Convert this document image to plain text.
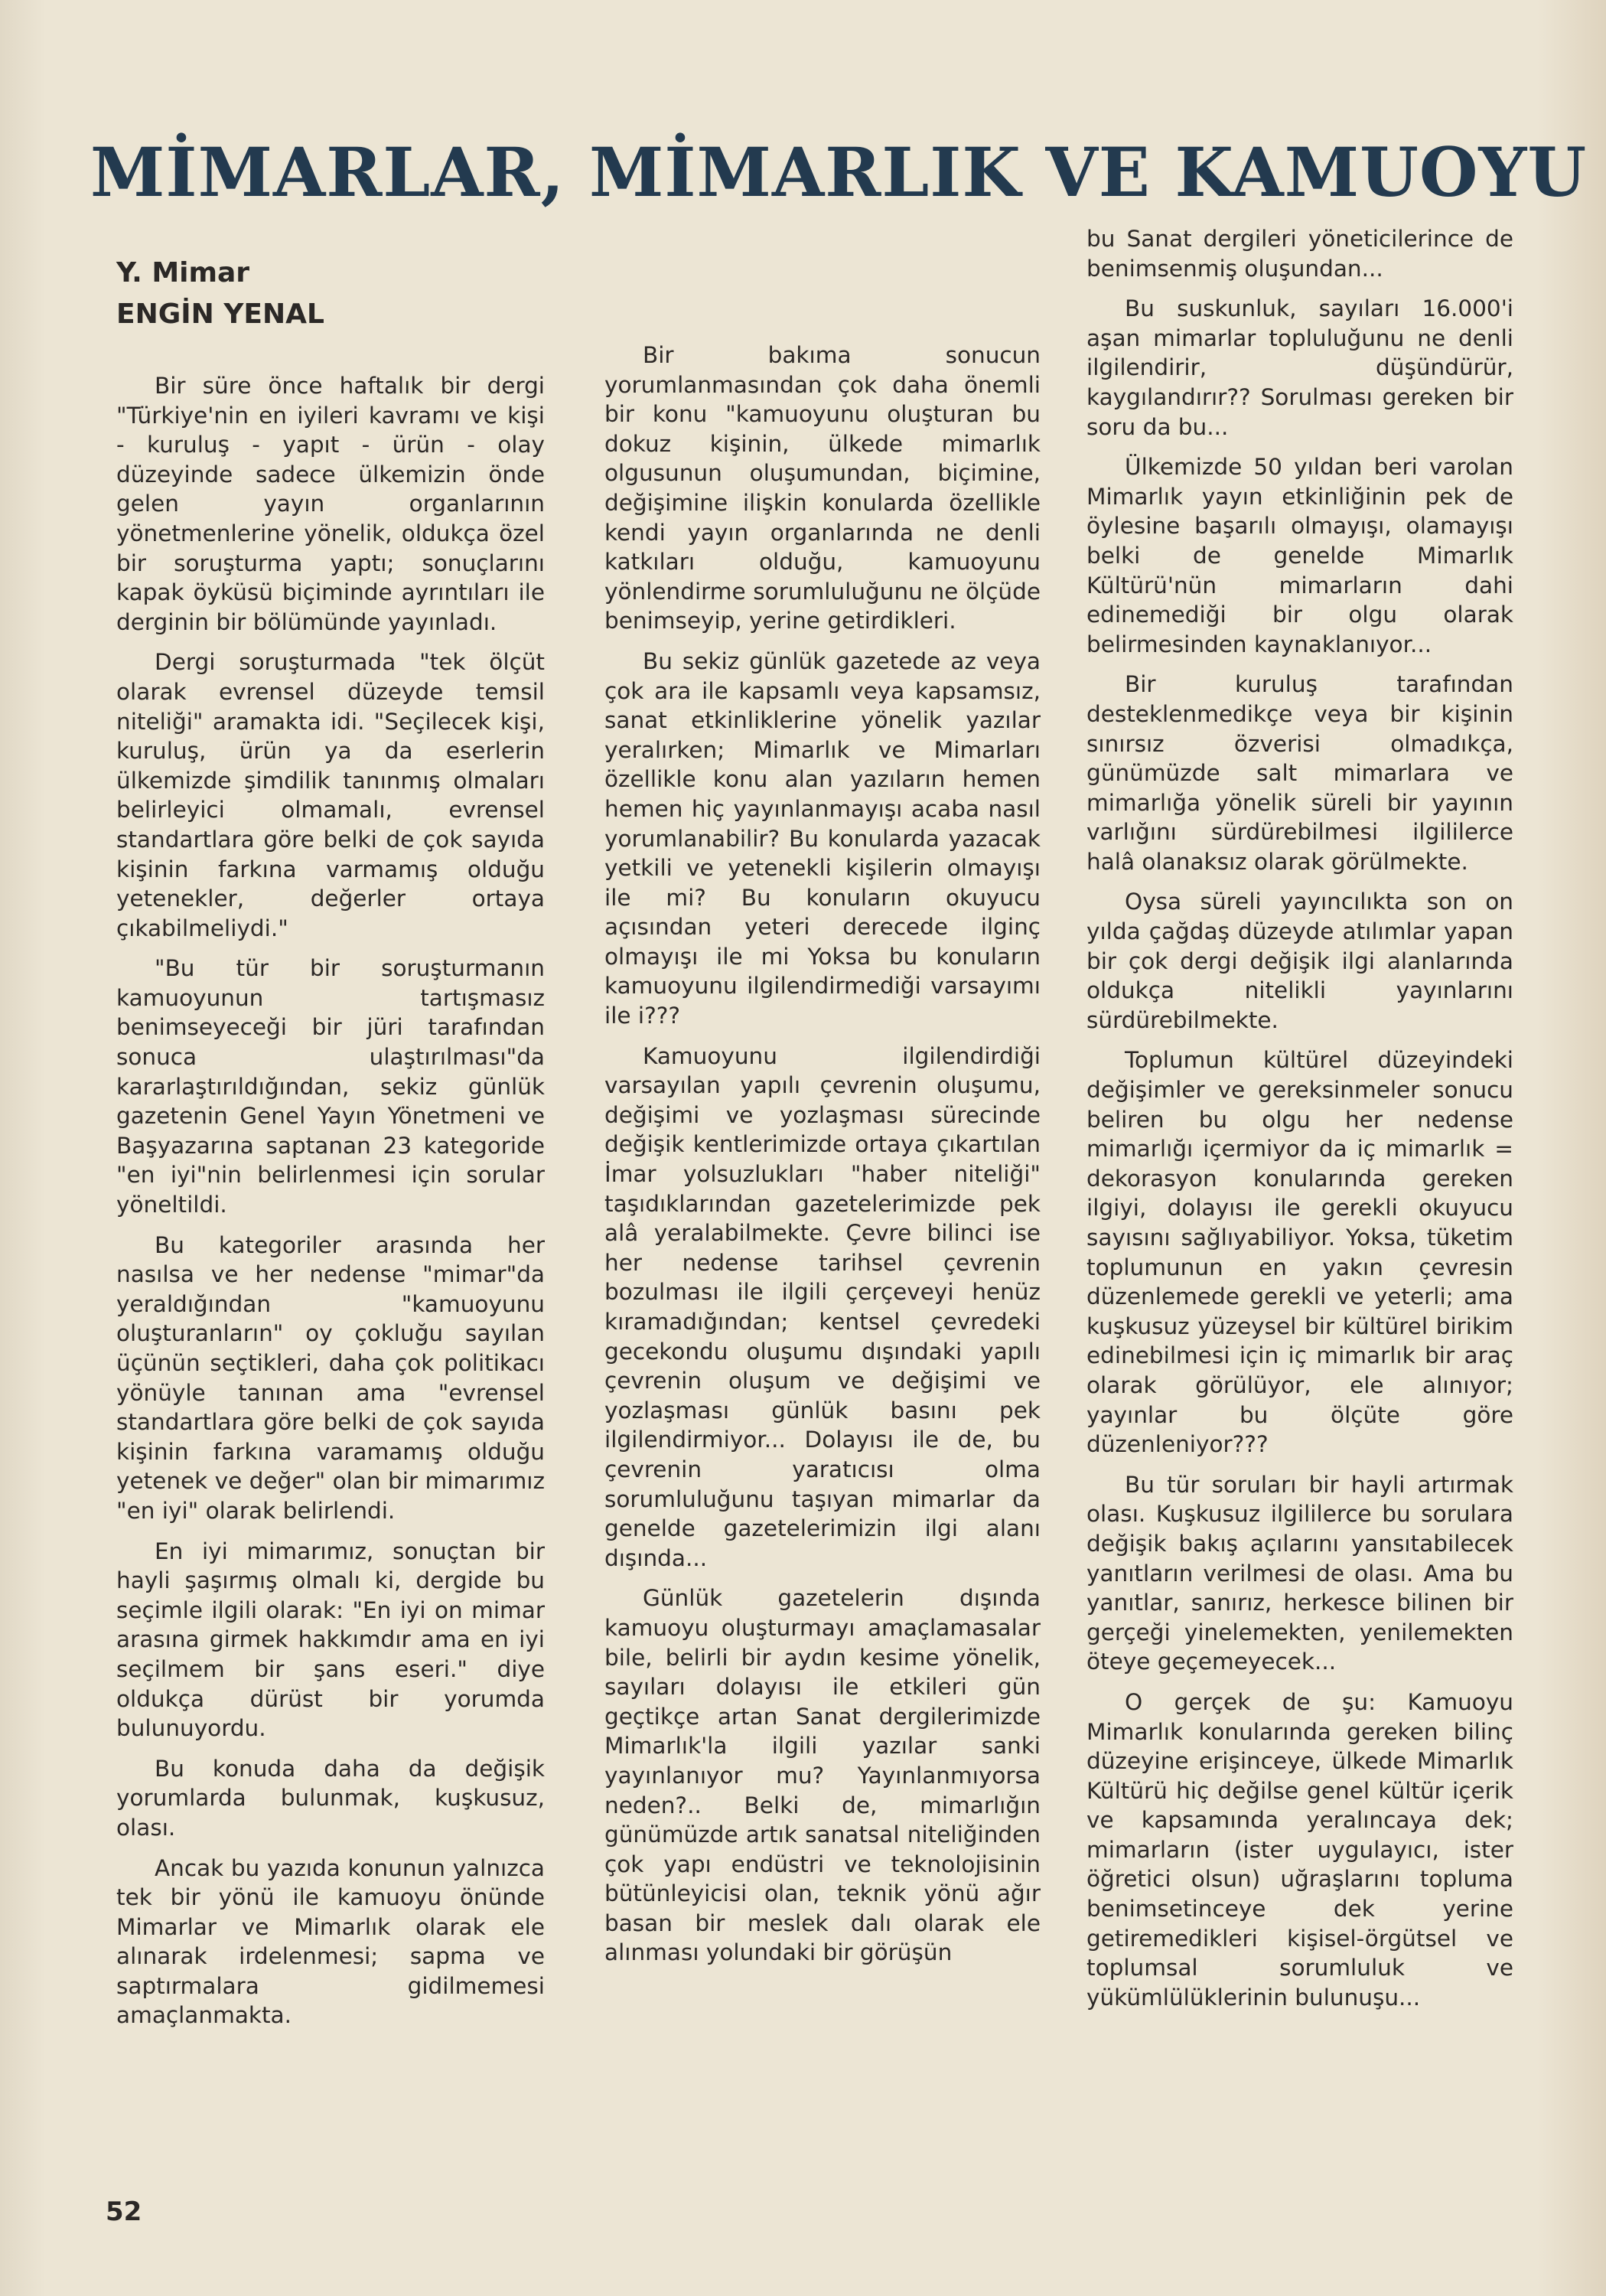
MİMARLAR, MİMARLIK VE KAMUOYU
Y. Mimar
ENGİN YENAL

Bir süre önce haftalık bir dergi "Türkiye'nin en iyileri kavramı ve kişi - kuruluş - yapıt - ürün - olay düzeyinde sadece ülkemizin önde gelen yayın organlarının yönetmenlerine yönelik, oldukça özel bir soruşturma yaptı; sonuçlarını kapak öyküsü biçiminde ayrıntıları ile derginin bir bölümünde yayınladı.

Dergi soruşturmada "tek ölçüt olarak evrensel düzeyde temsil niteliği" aramakta idi. "Seçilecek kişi, kuruluş, ürün ya da eserlerin ülkemizde şimdilik tanınmış olmaları belirleyici olmamalı, evrensel standartlara göre belki de çok sayıda kişinin farkına varmamış olduğu yetenekler, değerler ortaya çıkabilmeliydi."

"Bu tür bir soruşturmanın kamuoyunun tartışmasız benimseyeceği bir jüri tarafından sonuca ulaştırılması"da kararlaştırıldığından, sekiz günlük gazetenin Genel Yayın Yönetmeni ve Başyazarına saptanan 23 kategoride "en iyi"nin belirlenmesi için sorular yöneltildi.

Bu kategoriler arasında her nasılsa ve her nedense "mimar"da yeraldığından "kamuoyunu oluşturanların" oy çokluğu sayılan üçünün seçtikleri, daha çok politikacı yönüyle tanınan ama "evrensel standartlara göre belki de çok sayıda kişinin farkına varamamış olduğu yetenek ve değer" olan bir mimarımız "en iyi" olarak belirlendi.

En iyi mimarımız, sonuçtan bir hayli şaşırmış olmalı ki, dergide bu seçimle ilgili olarak: "En iyi on mimar arasına girmek hakkımdır ama en iyi seçilmem bir şans eseri." diye oldukça dürüst bir yorumda bulunuyordu.

Bu konuda daha da değişik yorumlarda bulunmak, kuşkusuz, olası.

Ancak bu yazıda konunun yalnızca tek bir yönü ile kamuoyu önünde Mimarlar ve Mimarlık olarak ele alınarak irdelenmesi; sapma ve saptırmalara gidilmemesi amaçlanmakta.

Bir bakıma sonucun yorumlanmasından çok daha önemli bir konu "kamuoyunu oluşturan bu dokuz kişinin, ülkede mimarlık olgusunun oluşumundan, biçimine, değişimine ilişkin konularda özellikle kendi yayın organlarında ne denli katkıları olduğu, kamuoyunu yönlendirme sorumluluğunu ne ölçüde benimseyip, yerine getirdikleri.

Bu sekiz günlük gazetede az veya çok ara ile kapsamlı veya kapsamsız, sanat etkinliklerine yönelik yazılar yeralırken; Mimarlık ve Mimarları özellikle konu alan yazıların hemen hemen hiç yayınlanmayışı acaba nasıl yorumlanabilir? Bu konularda yazacak yetkili ve yetenekli kişilerin olmayışı ile mi? Bu konuların okuyucu açısından yeteri derecede ilginç olmayışı ile mi Yoksa bu konuların kamuoyunu ilgilendirmediği varsayımı ile i???

Kamuoyunu ilgilendirdiği varsayılan yapılı çevrenin oluşumu, değişimi ve yozlaşması sürecinde değişik kentlerimizde ortaya çıkartılan İmar yolsuzlukları "haber niteliği" taşıdıklarından gazetelerimizde pek alâ yeralabilmekte. Çevre bilinci ise her nedense tarihsel çevrenin bozulması ile ilgili çerçeveyi henüz kıramadığından; kentsel çevredeki gecekondu oluşumu dışındaki yapılı çevrenin oluşum ve değişimi ve yozlaşması günlük basını pek ilgilendirmiyor... Dolayısı ile de, bu çevrenin yaratıcısı olma sorumluluğunu taşıyan mimarlar da genelde gazetelerimizin ilgi alanı dışında...

Günlük gazetelerin dışında kamuoyu oluşturmayı amaçlamasalar bile, belirli bir aydın kesime yönelik, sayıları dolayısı ile etkileri gün geçtikçe artan Sanat dergilerimizde Mimarlık'la ilgili yazılar sanki yayınlanıyor mu? Yayınlanmıyorsa neden?.. Belki de, mimarlığın günümüzde artık sanatsal niteliğinden çok yapı endüstri ve teknolojisinin bütünleyicisi olan, teknik yönü ağır basan bir meslek dalı olarak ele alınması yolundaki bir görüşün

bu Sanat dergileri yöneticilerince de benimsenmiş oluşundan...

Bu suskunluk, sayıları 16.000'i aşan mimarlar topluluğunu ne denli ilgilendirir, düşündürür, kaygılandırır?? Sorulması gereken bir soru da bu...

Ülkemizde 50 yıldan beri varolan Mimarlık yayın etkinliğinin pek de öylesine başarılı olmayışı, olamayışı belki de genelde Mimarlık Kültürü'nün mimarların dahi edinemediği bir olgu olarak belirmesinden kaynaklanıyor...

Bir kuruluş tarafından desteklenmedikçe veya bir kişinin sınırsız özverisi olmadıkça, günümüzde salt mimarlara ve mimarlığa yönelik süreli bir yayının varlığını sürdürebilmesi ilgililerce halâ olanaksız olarak görülmekte.

Oysa süreli yayıncılıkta son on yılda çağdaş düzeyde atılımlar yapan bir çok dergi değişik ilgi alanlarında oldukça nitelikli yayınlarını sürdürebilmekte.

Toplumun kültürel düzeyindeki değişimler ve gereksinmeler sonucu beliren bu olgu her nedense mimarlığı içermiyor da iç mimarlık = dekorasyon konularında gereken ilgiyi, dolayısı ile gerekli okuyucu sayısını sağlıyabiliyor. Yoksa, tüketim toplumunun en yakın çevresin düzenlemede gerekli ve yeterli; ama kuşkusuz yüzeysel bir kültürel birikim edinebilmesi için iç mimarlık bir araç olarak görülüyor, ele alınıyor; yayınlar bu ölçüte göre düzenleniyor???

Bu tür soruları bir hayli artırmak olası. Kuşkusuz ilgililerce bu sorulara değişik bakış açılarını yansıtabilecek yanıtların verilmesi de olası. Ama bu yanıtlar, sanırız, herkesce bilinen bir gerçeği yinelemekten, yenilemekten öteye geçemeyecek...

O gerçek de şu: Kamuoyu Mimarlık konularında gereken bilinç düzeyine erişinceye, ülkede Mimarlık Kültürü hiç değilse genel kültür içerik ve kapsamında yeralıncaya dek; mimarların (ister uygulayıcı, ister öğretici olsun) uğraşlarını topluma benimsetinceye dek yerine getiremedikleri kişisel-örgütsel ve toplumsal sorumluluk ve yükümlülüklerinin bulunuşu...

52
